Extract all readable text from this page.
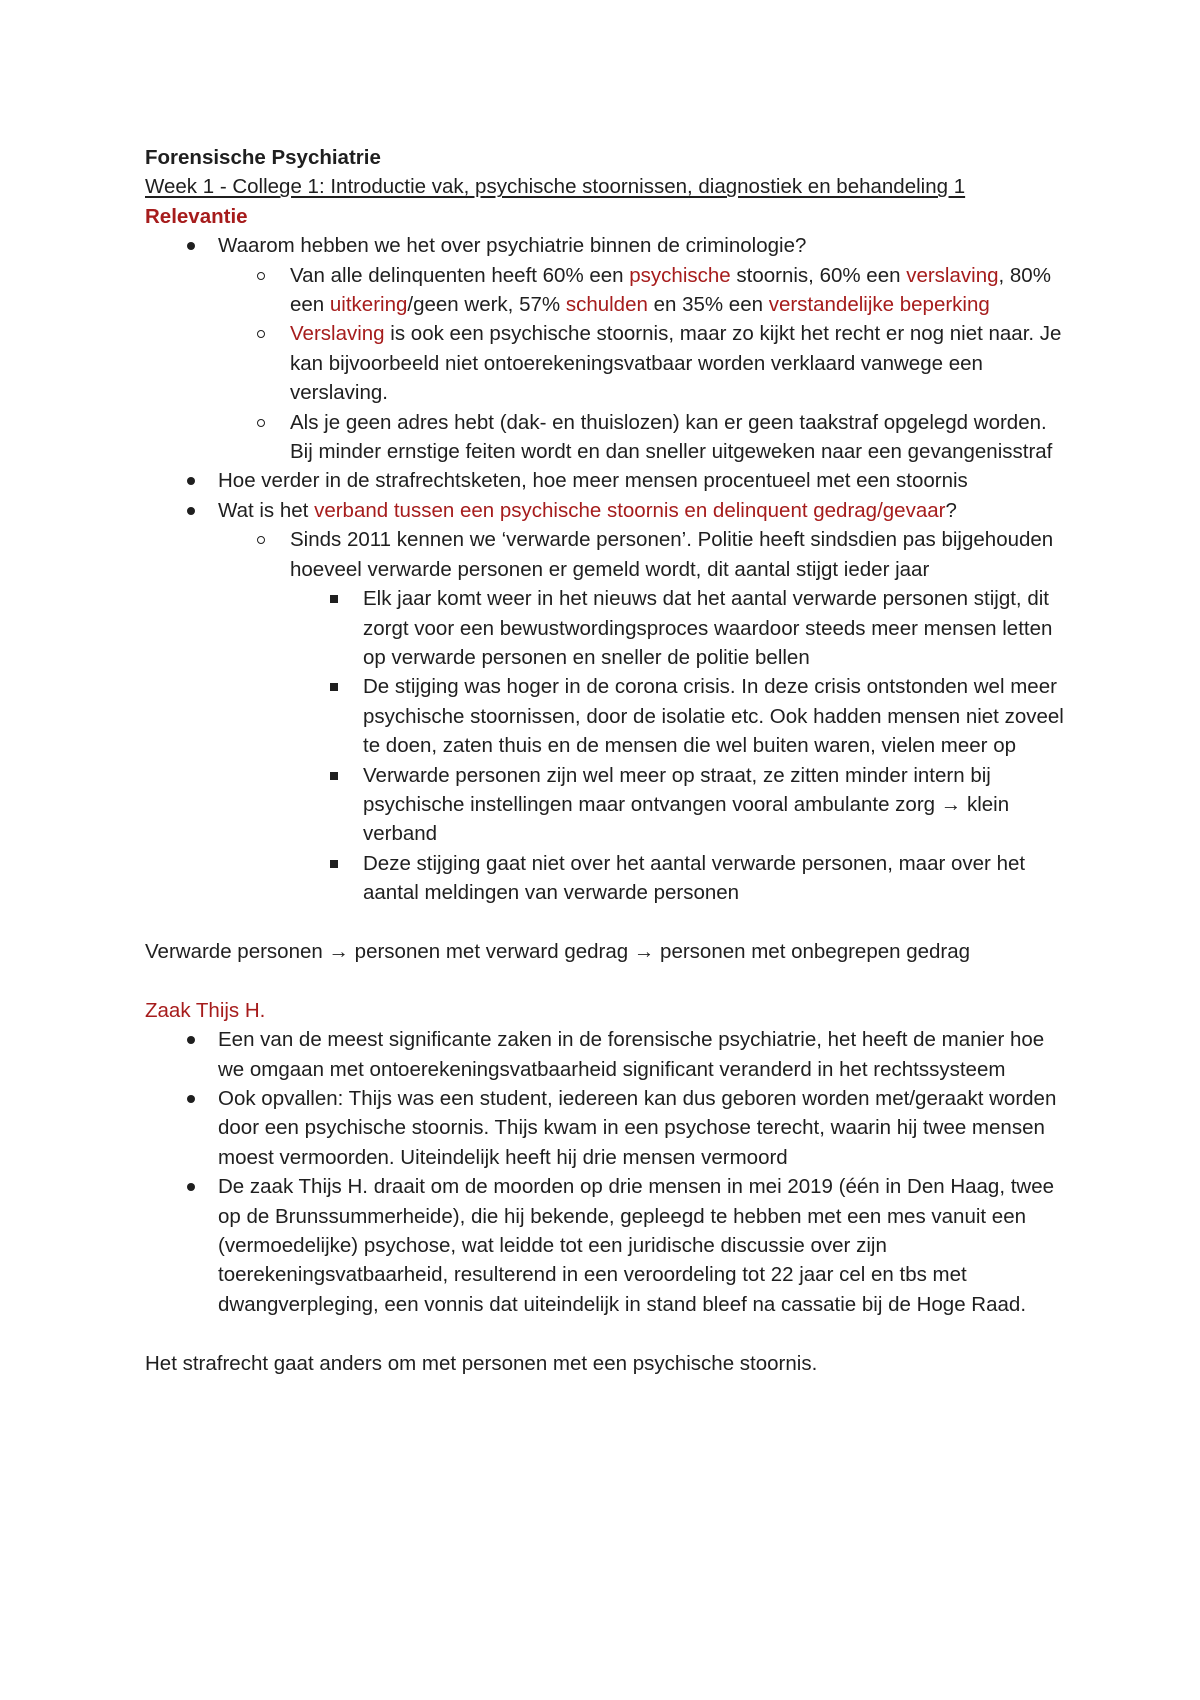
Forensische Psychiatrie

Week 1 - College 1: Introductie vak, psychische stoornissen, diagnostiek en behandeling 1

Relevantie

Waarom hebben we het over psychiatrie binnen de criminologie?
Van alle delinquenten heeft 60% een psychische stoornis, 60% een verslaving, 80% een uitkering/geen werk, 57% schulden en 35% een verstandelijke beperking
Verslaving is ook een psychische stoornis, maar zo kijkt het recht er nog niet naar. Je kan bijvoorbeeld niet ontoerekeningsvatbaar worden verklaard vanwege een verslaving.
Als je geen adres hebt (dak- en thuislozen) kan er geen taakstraf opgelegd worden. Bij minder ernstige feiten wordt en dan sneller uitgeweken naar een gevangenisstraf
Hoe verder in de strafrechtsketen, hoe meer mensen procentueel met een stoornis
Wat is het verband tussen een psychische stoornis en delinquent gedrag/gevaar?
Sinds 2011 kennen we ‘verwarde personen’. Politie heeft sindsdien pas bijgehouden hoeveel verwarde personen er gemeld wordt, dit aantal stijgt ieder jaar
Elk jaar komt weer in het nieuws dat het aantal verwarde personen stijgt, dit zorgt voor een bewustwordingsproces waardoor steeds meer mensen letten op verwarde personen en sneller de politie bellen
De stijging was hoger in de corona crisis. In deze crisis ontstonden wel meer psychische stoornissen, door de isolatie etc. Ook hadden mensen niet zoveel te doen, zaten thuis en de mensen die wel buiten waren, vielen meer op
Verwarde personen zijn wel meer op straat, ze zitten minder intern bij psychische instellingen maar ontvangen vooral ambulante zorg → klein verband
Deze stijging gaat niet over het aantal verwarde personen, maar over het aantal meldingen van verwarde personen

Verwarde personen → personen met verward gedrag → personen met onbegrepen gedrag

Zaak Thijs H.

Een van de meest significante zaken in de forensische psychiatrie, het heeft de manier hoe we omgaan met ontoerekeningsvatbaarheid significant veranderd in het rechtssysteem
Ook opvallen: Thijs was een student, iedereen kan dus geboren worden met/geraakt worden door een psychische stoornis. Thijs kwam in een psychose terecht, waarin hij twee mensen moest vermoorden. Uiteindelijk heeft hij drie mensen vermoord
De zaak Thijs H. draait om de moorden op drie mensen in mei 2019 (één in Den Haag, twee op de Brunssummerheide), die hij bekende, gepleegd te hebben met een mes vanuit een (vermoedelijke) psychose, wat leidde tot een juridische discussie over zijn toerekeningsvatbaarheid, resulterend in een veroordeling tot 22 jaar cel en tbs met dwangverpleging, een vonnis dat uiteindelijk in stand bleef na cassatie bij de Hoge Raad.

Het strafrecht gaat anders om met personen met een psychische stoornis.
